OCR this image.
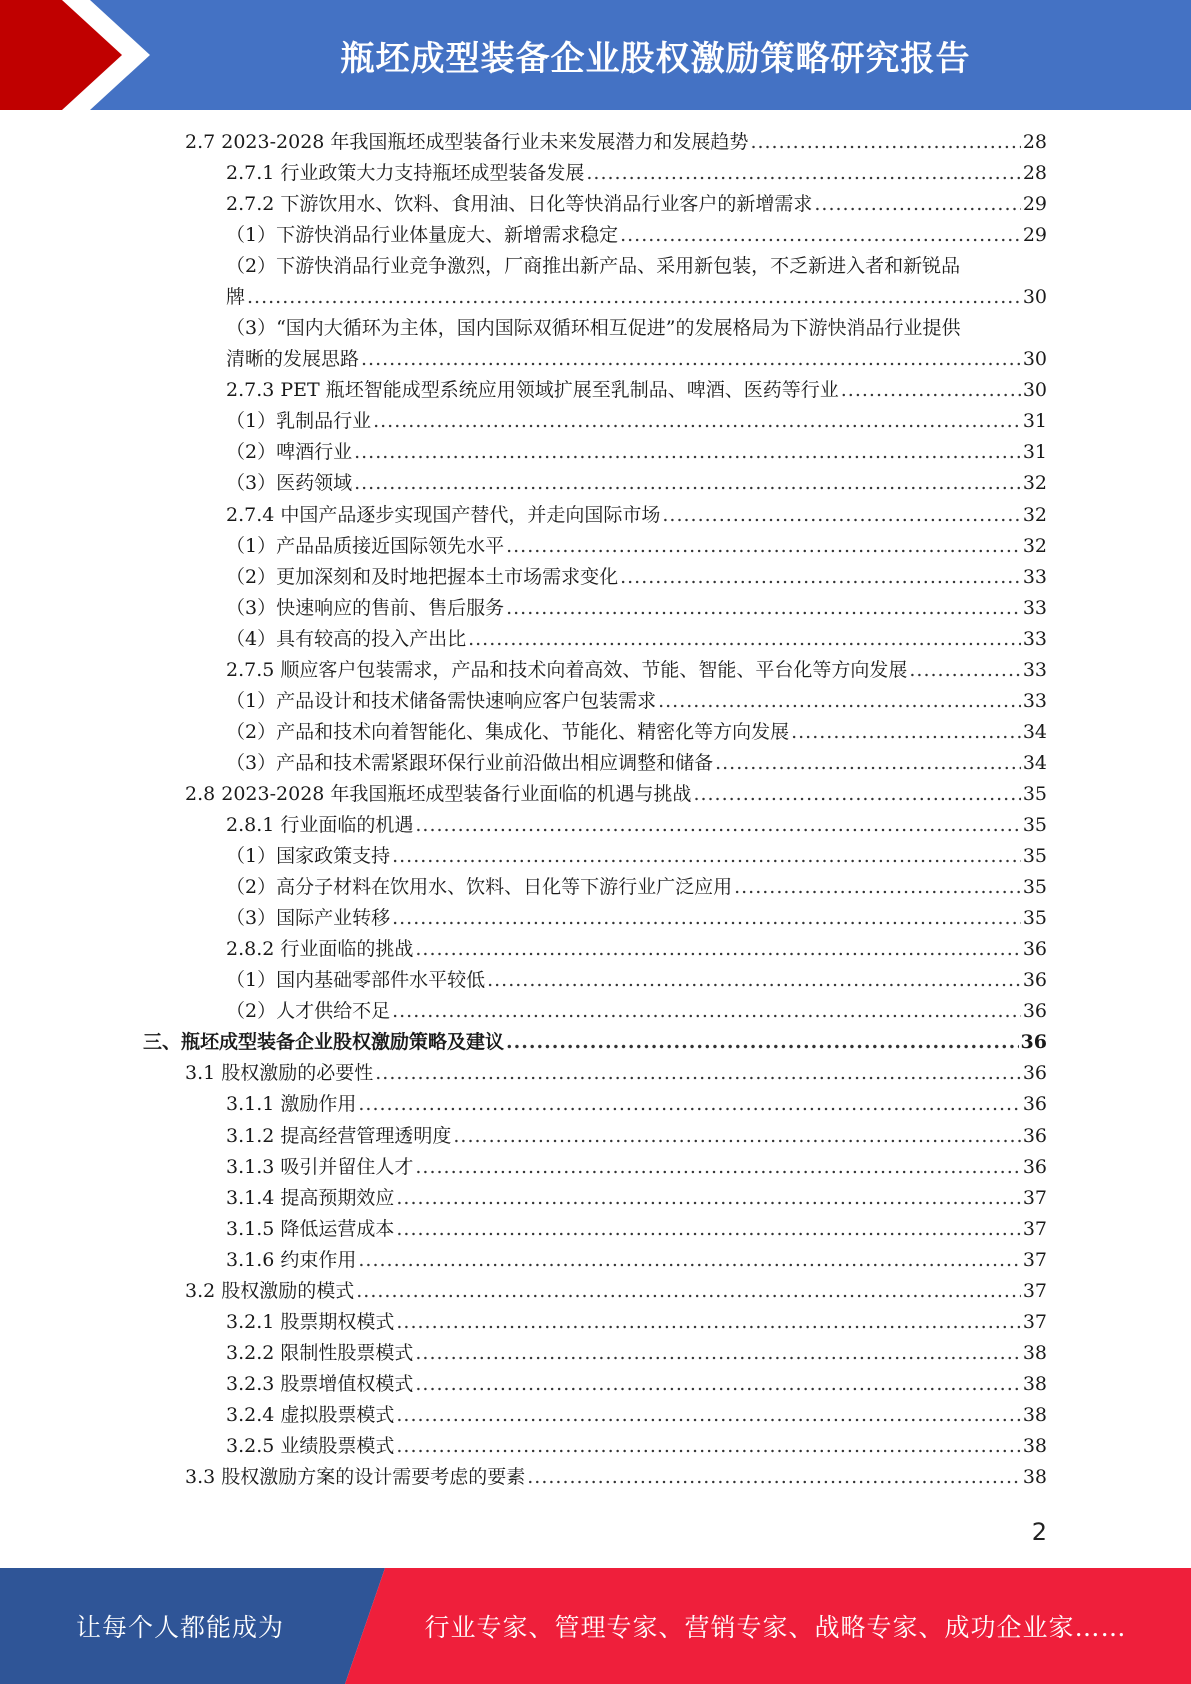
瓶坯成型装备企业股权激励策略研究报告
2.7 2023-2028 年我国瓶坯成型装备行业未来发展潜力和发展趋势 .....	28
2.7.1 行业政策大力支持瓶坯成型装备发展 .....	28
2.7.2 下游饮用水、饮料、食用油、日化等快消品行业客户的新增需求 .....	29
（1）下游快消品行业体量庞大、新增需求稳定 .....	29
（2）下游快消品行业竞争激烈，厂商推出新产品、采用新包装，不乏新进入者和新锐品
牌 .....	30
（3）“国内大循环为主体，国内国际双循环相互促进”的发展格局为下游快消品行业提供
清晰的发展思路 .....	30
2.7.3 PET 瓶坯智能成型系统应用领域扩展至乳制品、啤酒、医药等行业 .....	30
（1）乳制品行业 .....	31
（2）啤酒行业 .....	31
（3）医药领域 .....	32
2.7.4 中国产品逐步实现国产替代，并走向国际市场 .....	32
（1）产品品质接近国际领先水平 .....	32
（2）更加深刻和及时地把握本土市场需求变化 .....	33
（3）快速响应的售前、售后服务 .....	33
（4）具有较高的投入产出比 .....	33
2.7.5 顺应客户包装需求，产品和技术向着高效、节能、智能、平台化等方向发展 .....	33
（1）产品设计和技术储备需快速响应客户包装需求 .....	33
（2）产品和技术向着智能化、集成化、节能化、精密化等方向发展 .....	34
（3）产品和技术需紧跟环保行业前沿做出相应调整和储备 .....	34
2.8 2023-2028 年我国瓶坯成型装备行业面临的机遇与挑战 .....	35
2.8.1 行业面临的机遇 .....	35
（1）国家政策支持 .....	35
（2）高分子材料在饮用水、饮料、日化等下游行业广泛应用 .....	35
（3）国际产业转移 .....	35
2.8.2 行业面临的挑战 .....	36
（1）国内基础零部件水平较低 .....	36
（2）人才供给不足 .....	36
三、瓶坯成型装备企业股权激励策略及建议 .....	36
3.1 股权激励的必要性 .....	36
3.1.1 激励作用 .....	36
3.1.2 提高经营管理透明度 .....	36
3.1.3 吸引并留住人才 .....	36
3.1.4 提高预期效应 .....	37
3.1.5 降低运营成本 .....	37
3.1.6 约束作用 .....	37
3.2 股权激励的模式 .....	37
3.2.1 股票期权模式 .....	37
3.2.2 限制性股票模式 .....	38
3.2.3 股票增值权模式 .....	38
3.2.4 虚拟股票模式 .....	38
3.2.5 业绩股票模式 .....	38
3.3 股权激励方案的设计需要考虑的要素 .....	38
2
让每个人都能成为	行业专家、管理专家、营销专家、战略专家、成功企业家……
